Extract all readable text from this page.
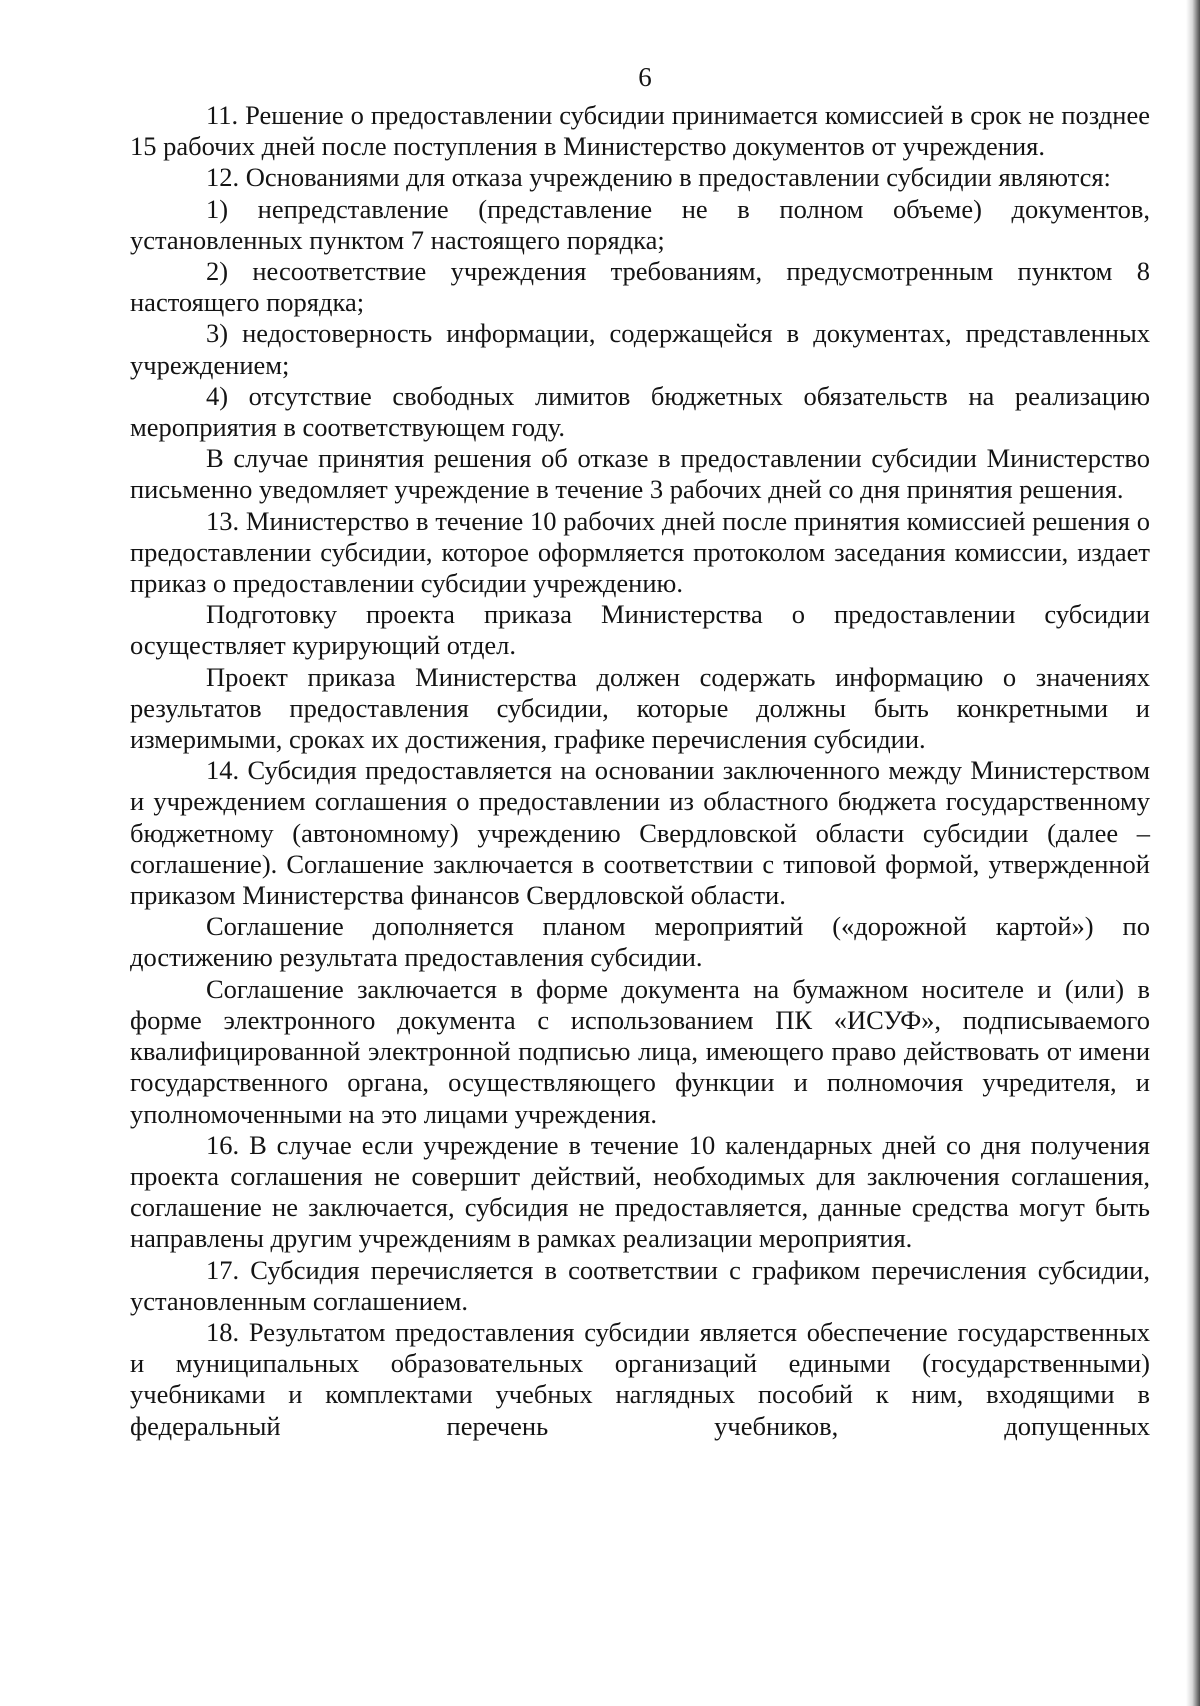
6

11. Решение о предоставлении субсидии принимается комиссией в срок не позднее 15 рабочих дней после поступления в Министерство документов от учреждения.

12. Основаниями для отказа учреждению в предоставлении субсидии являются:

1) непредставление (представление не в полном объеме) документов, установленных пунктом 7 настоящего порядка;

2) несоответствие учреждения требованиям, предусмотренным пунктом 8 настоящего порядка;

3) недостоверность информации, содержащейся в документах, представленных учреждением;

4) отсутствие свободных лимитов бюджетных обязательств на реализацию мероприятия в соответствующем году.

В случае принятия решения об отказе в предоставлении субсидии Министерство письменно уведомляет учреждение в течение 3 рабочих дней со дня принятия решения.

13. Министерство в течение 10 рабочих дней после принятия комиссией решения о предоставлении субсидии, которое оформляется протоколом заседания комиссии, издает приказ о предоставлении субсидии учреждению.

Подготовку проекта приказа Министерства о предоставлении субсидии осуществляет курирующий отдел.

Проект приказа Министерства должен содержать информацию о значениях результатов предоставления субсидии, которые должны быть конкретными и измеримыми, сроках их достижения, графике перечисления субсидии.

14. Субсидия предоставляется на основании заключенного между Министерством и учреждением соглашения о предоставлении из областного бюджета государственному бюджетному (автономному) учреждению Свердловской области субсидии (далее – соглашение). Соглашение заключается в соответствии с типовой формой, утвержденной приказом Министерства финансов Свердловской области.

Соглашение дополняется планом мероприятий («дорожной картой») по достижению результата предоставления субсидии.

Соглашение заключается в форме документа на бумажном носителе и (или) в форме электронного документа с использованием ПК «ИСУФ», подписываемого квалифицированной электронной подписью лица, имеющего право действовать от имени государственного органа, осуществляющего функции и полномочия учредителя, и уполномоченными на это лицами учреждения.

16. В случае если учреждение в течение 10 календарных дней со дня получения проекта соглашения не совершит действий, необходимых для заключения соглашения, соглашение не заключается, субсидия не предоставляется, данные средства могут быть направлены другим учреждениям в рамках реализации мероприятия.

17. Субсидия перечисляется в соответствии с графиком перечисления субсидии, установленным соглашением.

18. Результатом предоставления субсидии является обеспечение государственных и муниципальных образовательных организаций едиными (государственными) учебниками и комплектами учебных наглядных пособий к ним, входящими в федеральный перечень учебников, допущенных
